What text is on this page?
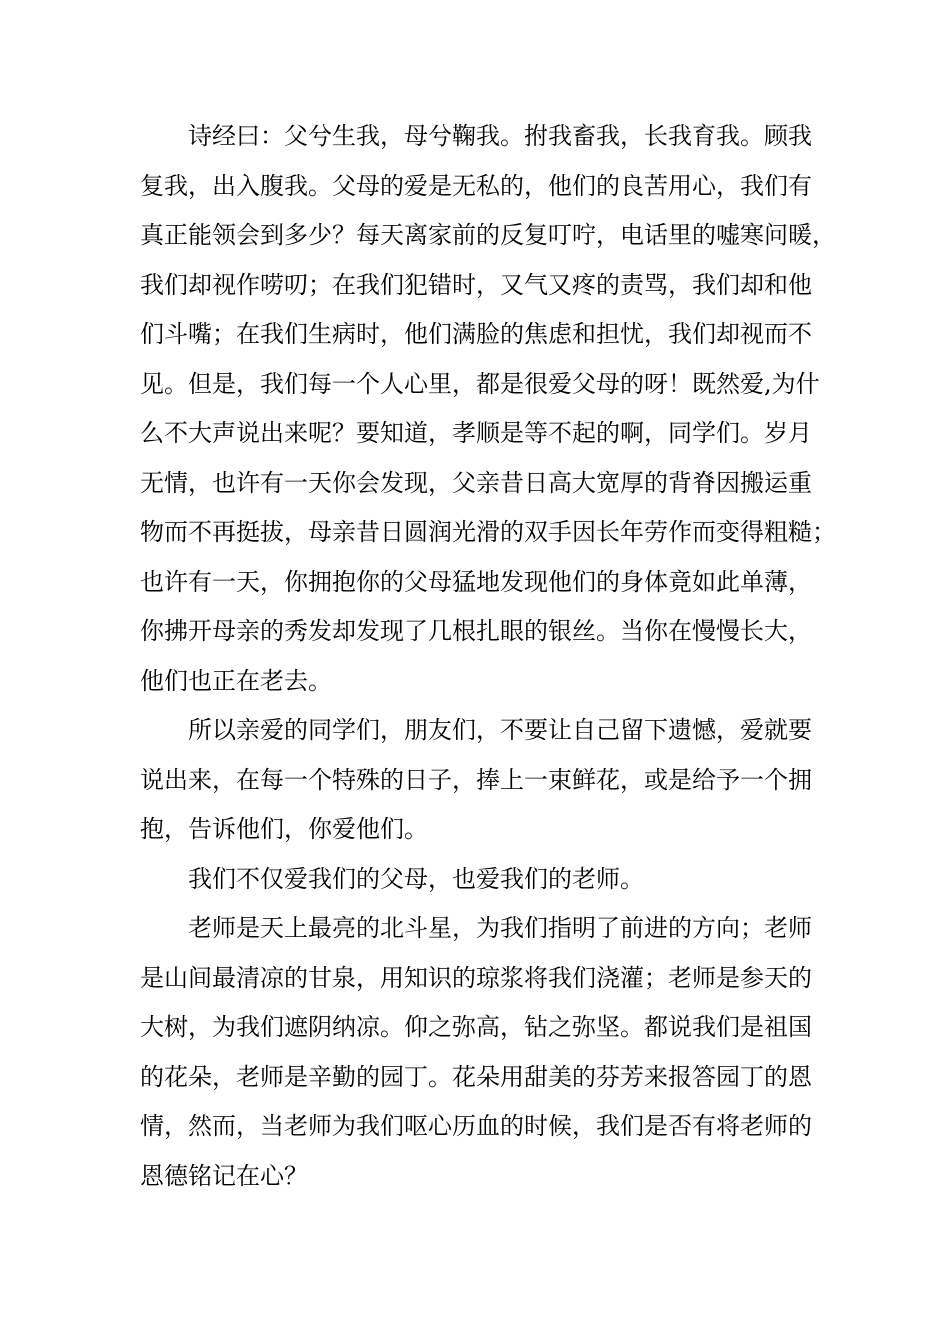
诗经曰：父兮生我，母兮鞠我。拊我畜我，长我育我。顾我
复我，出入腹我。父母的爱是无私的，他们的良苦用心，我们有
真正能领会到多少？每天离家前的反复叮咛，电话里的嘘寒问暖，
我们却视作唠叨；在我们犯错时，又气又疼的责骂，我们却和他
们斗嘴；在我们生病时，他们满脸的焦虑和担忧，我们却视而不
见。但是，我们每一个人心里，都是很爱父母的呀！既然爱,为什
么不大声说出来呢？要知道，孝顺是等不起的啊，同学们。岁月
无情，也许有一天你会发现，父亲昔日高大宽厚的背脊因搬运重
物而不再挺拔，母亲昔日圆润光滑的双手因长年劳作而变得粗糙；
也许有一天，你拥抱你的父母猛地发现他们的身体竟如此单薄，
你拂开母亲的秀发却发现了几根扎眼的银丝。当你在慢慢长大，
他们也正在老去。
所以亲爱的同学们，朋友们，不要让自己留下遗憾，爱就要
说出来，在每一个特殊的日子，捧上一束鲜花，或是给予一个拥
抱，告诉他们，你爱他们。
我们不仅爱我们的父母，也爱我们的老师。
老师是天上最亮的北斗星，为我们指明了前进的方向；老师
是山间最清凉的甘泉，用知识的琼浆将我们浇灌；老师是参天的
大树，为我们遮阴纳凉。仰之弥高，钻之弥坚。都说我们是祖国
的花朵，老师是辛勤的园丁。花朵用甜美的芬芳来报答园丁的恩
情，然而，当老师为我们呕心历血的时候，我们是否有将老师的
恩德铭记在心？
